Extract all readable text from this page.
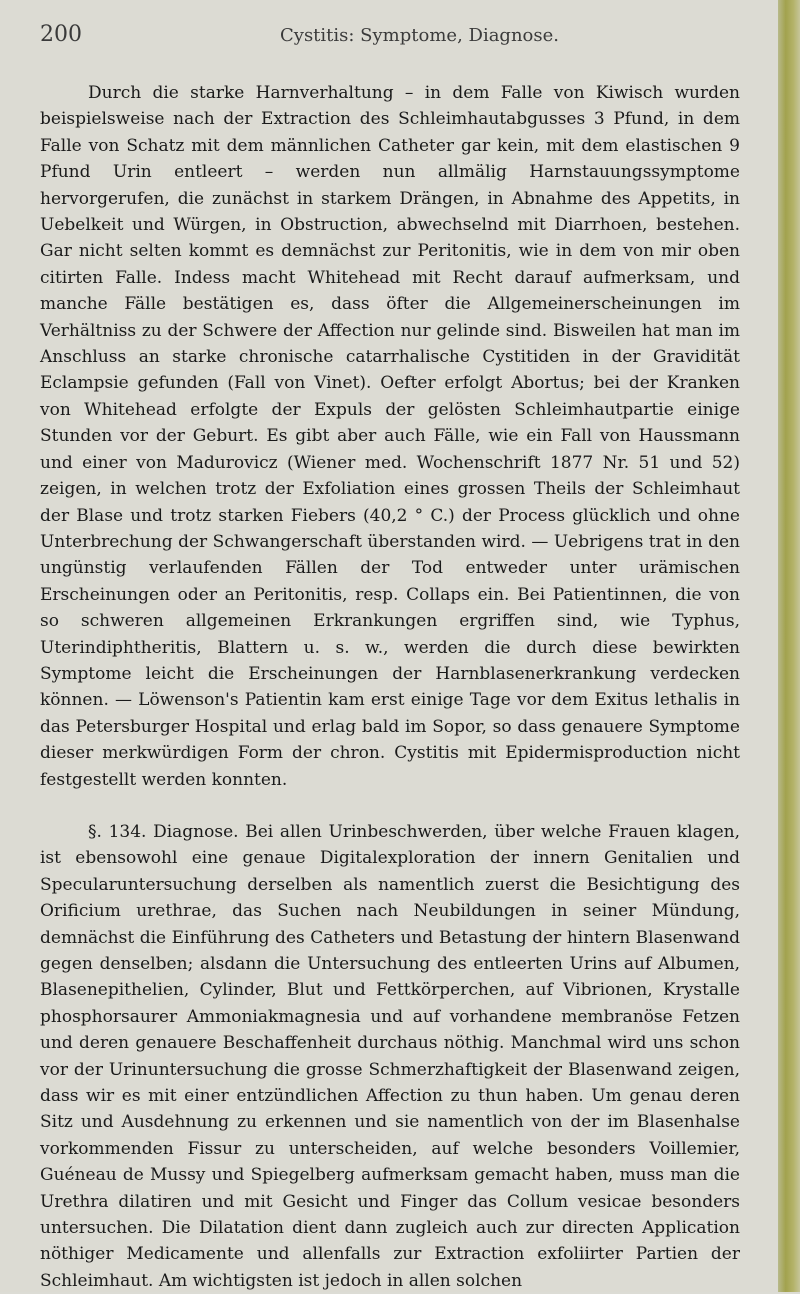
200	Cystitis: Symptome, Diagnose.

Durch die starke Harnverhaltung – in dem Falle von Kiwisch wurden beispielsweise nach der Extraction des Schleimhautabgusses 3 Pfund, in dem Falle von Schatz mit dem männlichen Catheter gar kein, mit dem elastischen 9 Pfund Urin entleert – werden nun allmälig Harnstauungssymptome hervorgerufen, die zunächst in starkem Drängen, in Abnahme des Appetits, in Uebelkeit und Würgen, in Obstruction, abwechselnd mit Diarrhoen, bestehen. Gar nicht selten kommt es demnächst zur Peritonitis, wie in dem von mir oben citirten Falle. Indess macht Whitehead mit Recht darauf aufmerksam, und manche Fälle bestätigen es, dass öfter die Allgemeinerscheinungen im Verhältniss zu der Schwere der Affection nur gelinde sind. Bisweilen hat man im Anschluss an starke chronische catarrhalische Cystitiden in der Gravidität Eclampsie gefunden (Fall von Vinet). Oefter erfolgt Abortus; bei der Kranken von Whitehead erfolgte der Expuls der gelösten Schleimhautpartie einige Stunden vor der Geburt. Es gibt aber auch Fälle, wie ein Fall von Haussmann und einer von Madurovicz (Wiener med. Wochenschrift 1877 Nr. 51 und 52) zeigen, in welchen trotz der Exfoliation eines grossen Theils der Schleimhaut der Blase und trotz starken Fiebers (40,2 ° C.) der Process glücklich und ohne Unterbrechung der Schwangerschaft überstanden wird. — Uebrigens trat in den ungünstig verlaufenden Fällen der Tod entweder unter urämischen Erscheinungen oder an Peritonitis, resp. Collaps ein. Bei Patientinnen, die von so schweren allgemeinen Erkrankungen ergriffen sind, wie Typhus, Uterindiphtheritis, Blattern u. s. w., werden die durch diese bewirkten Symptome leicht die Erscheinungen der Harnblasenerkrankung verdecken können. — Löwenson's Patientin kam erst einige Tage vor dem Exitus lethalis in das Petersburger Hospital und erlag bald im Sopor, so dass genauere Symptome dieser merkwürdigen Form der chron. Cystitis mit Epidermisproduction nicht festgestellt werden konnten.

§. 134. Diagnose. Bei allen Urinbeschwerden, über welche Frauen klagen, ist ebensowohl eine genaue Digitalexploration der innern Genitalien und Specularuntersuchung derselben als namentlich zuerst die Besichtigung des Orificium urethrae, das Suchen nach Neubildungen in seiner Mündung, demnächst die Einführung des Catheters und Betastung der hintern Blasenwand gegen denselben; alsdann die Untersuchung des entleerten Urins auf Albumen, Blasenepithelien, Cylinder, Blut und Fettkörperchen, auf Vibrionen, Krystalle phosphorsaurer Ammoniakmagnesia und auf vorhandene membranöse Fetzen und deren genauere Beschaffenheit durchaus nöthig. Manchmal wird uns schon vor der Urinuntersuchung die grosse Schmerzhaftigkeit der Blasenwand zeigen, dass wir es mit einer entzündlichen Affection zu thun haben. Um genau deren Sitz und Ausdehnung zu erkennen und sie namentlich von der im Blasenhalse vorkommenden Fissur zu unterscheiden, auf welche besonders Voillemier, Guéneau de Mussy und Spiegelberg aufmerksam gemacht haben, muss man die Urethra dilatiren und mit Gesicht und Finger das Collum vesicae besonders untersuchen. Die Dilatation dient dann zugleich auch zur directen Application nöthiger Medicamente und allenfalls zur Extraction exfoliirter Partien der Schleimhaut. Am wichtigsten ist jedoch in allen solchen
